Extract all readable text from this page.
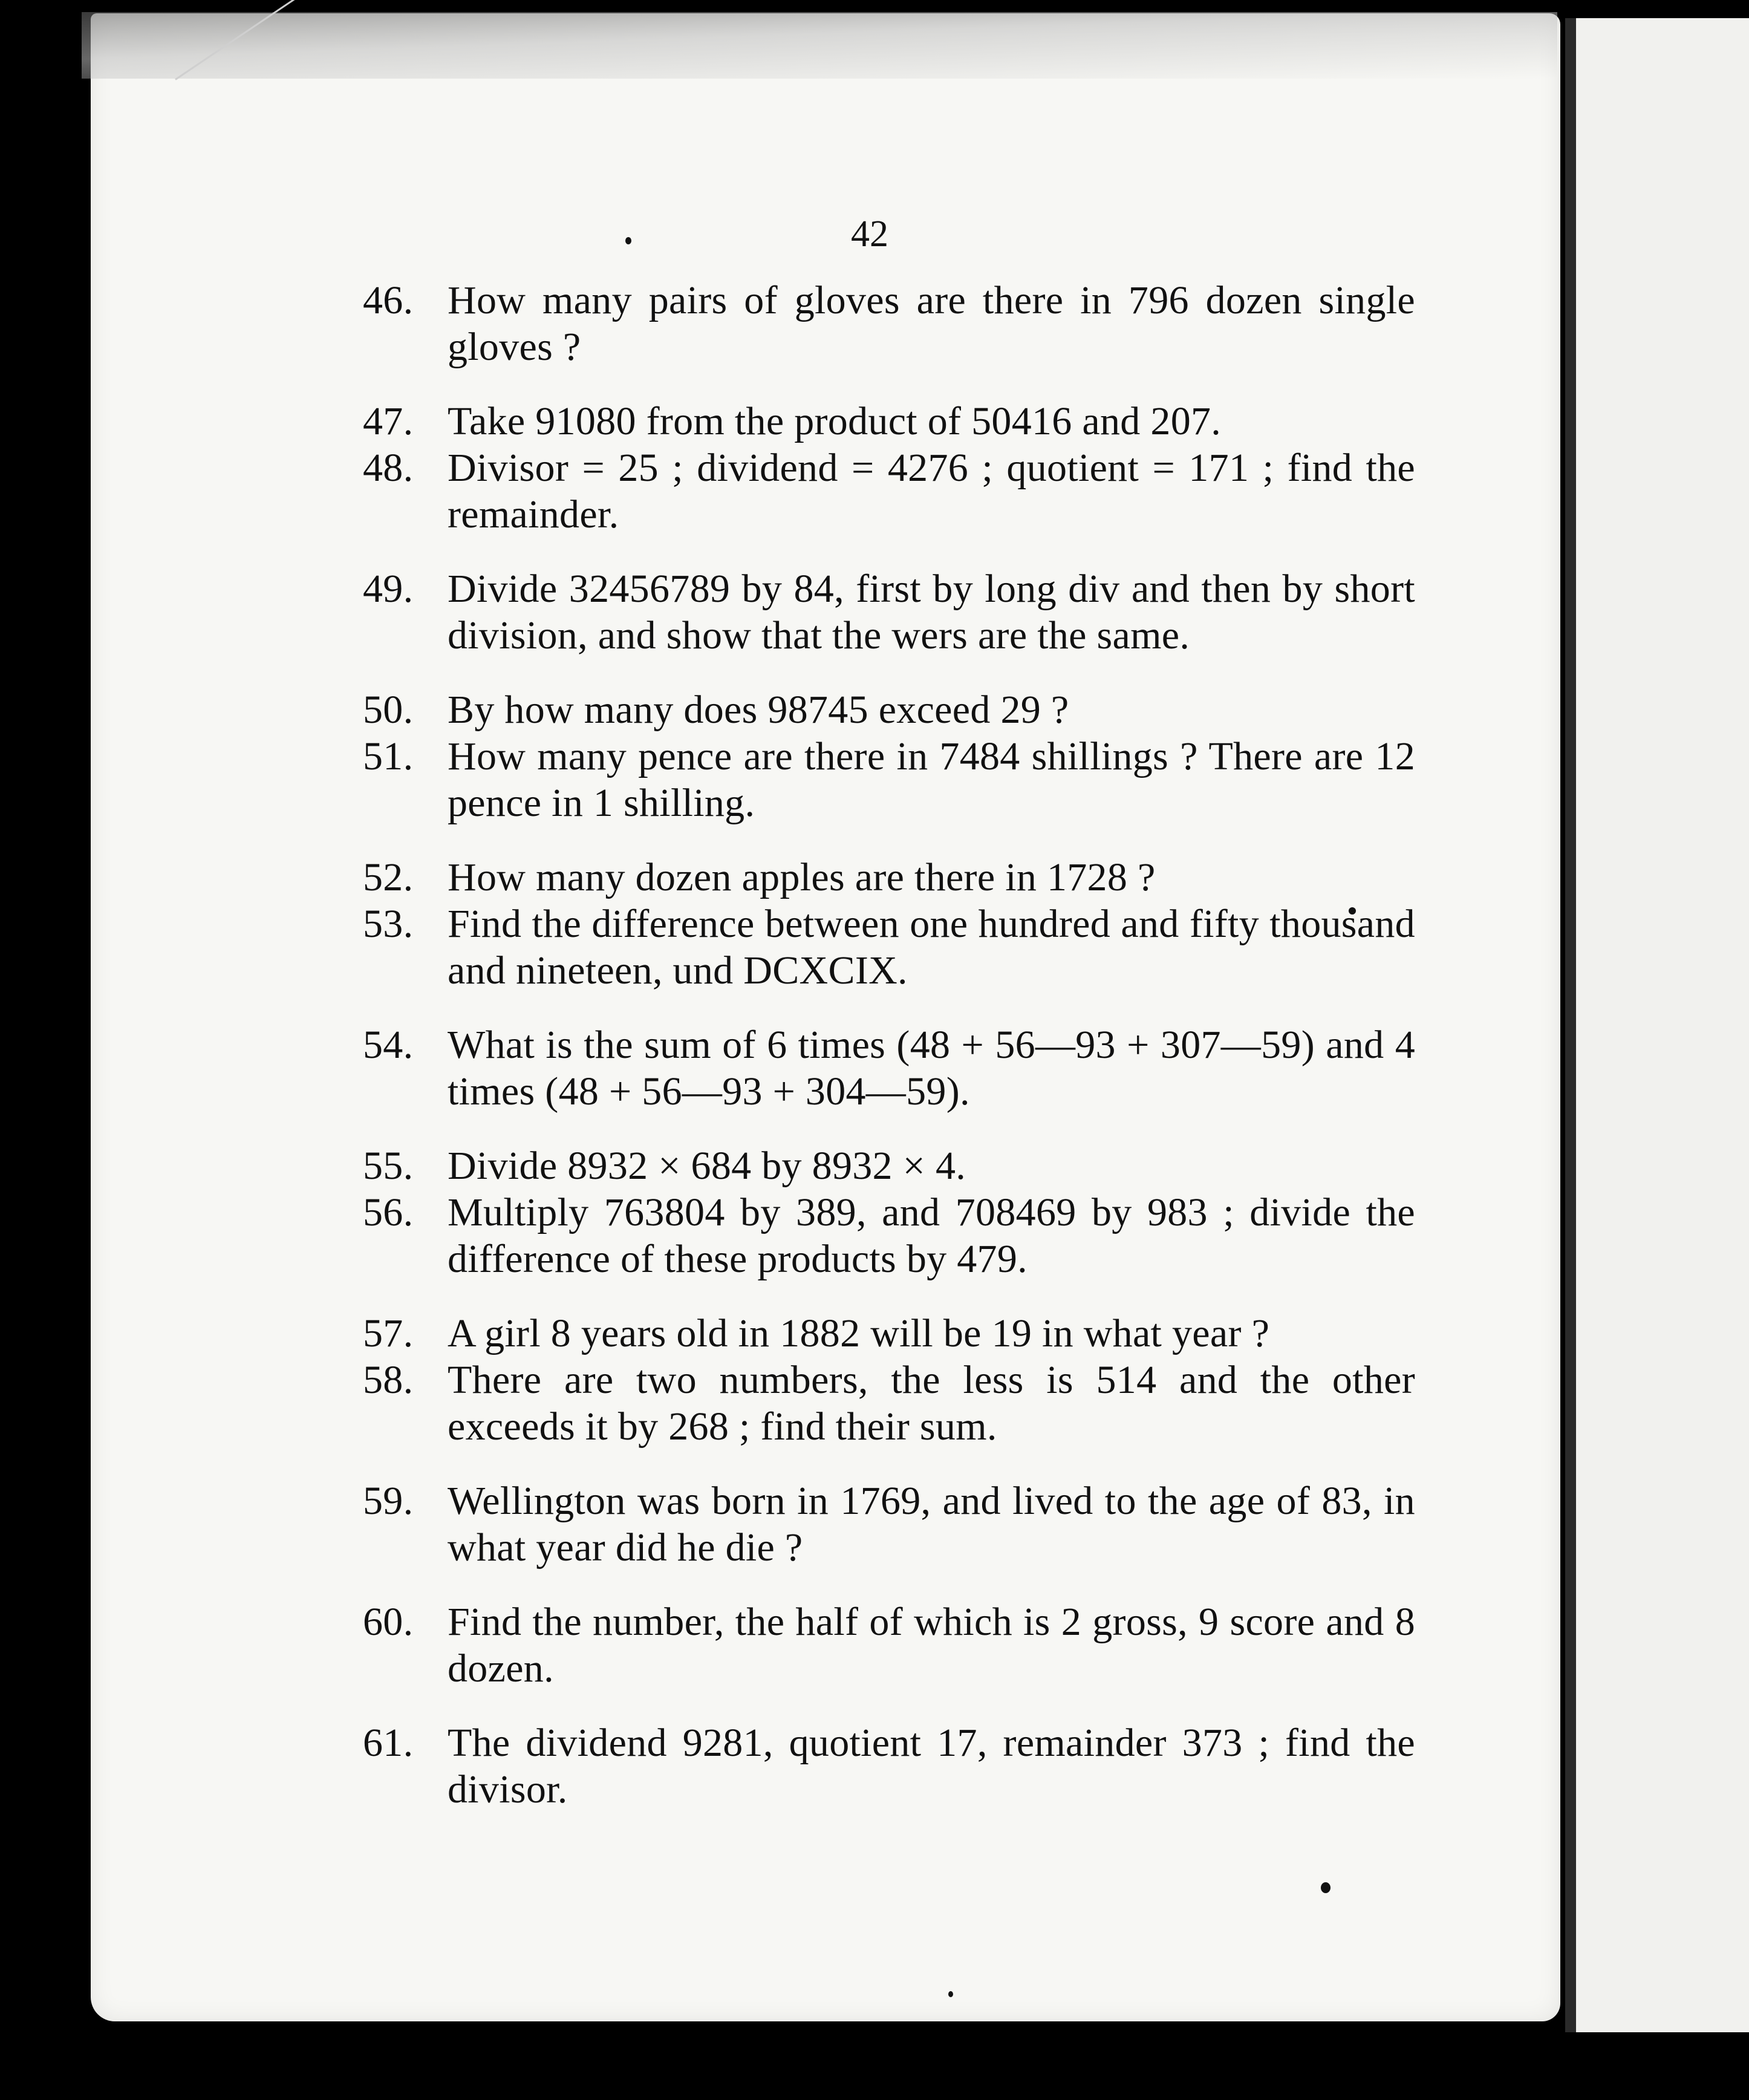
42
46. How many pairs of gloves are there in 796 dozen single gloves ?
47. Take 91080 from the product of 50416 and 207.
48. Divisor = 25 ; dividend = 4276 ; quotient = 171 ; find the remainder.
49. Divide 32456789 by 84, first by long div and then by short division, and show that the wers are the same.
50. By how many does 98745 exceed 29 ?
51. How many pence are there in 7484 shillings ? There are 12 pence in 1 shilling.
52. How many dozen apples are there in 1728 ?
53. Find the difference between one hundred and fifty thousand and nineteen, und DCXCIX.
54. What is the sum of 6 times (48 + 56—93 + 307—59) and 4 times (48 + 56—93 + 304—59).
55. Divide 8932 × 684 by 8932 × 4.
56. Multiply 763804 by 389, and 708469 by 983 ; divide the difference of these products by 479.
57. A girl 8 years old in 1882 will be 19 in what year ?
58. There are two numbers, the less is 514 and the other exceeds it by 268 ; find their sum.
59. Wellington was born in 1769, and lived to the age of 83, in what year did he die ?
60. Find the number, the half of which is 2 gross, 9 score and 8 dozen.
61. The dividend 9281, quotient 17, remainder 373 ; find the divisor.
